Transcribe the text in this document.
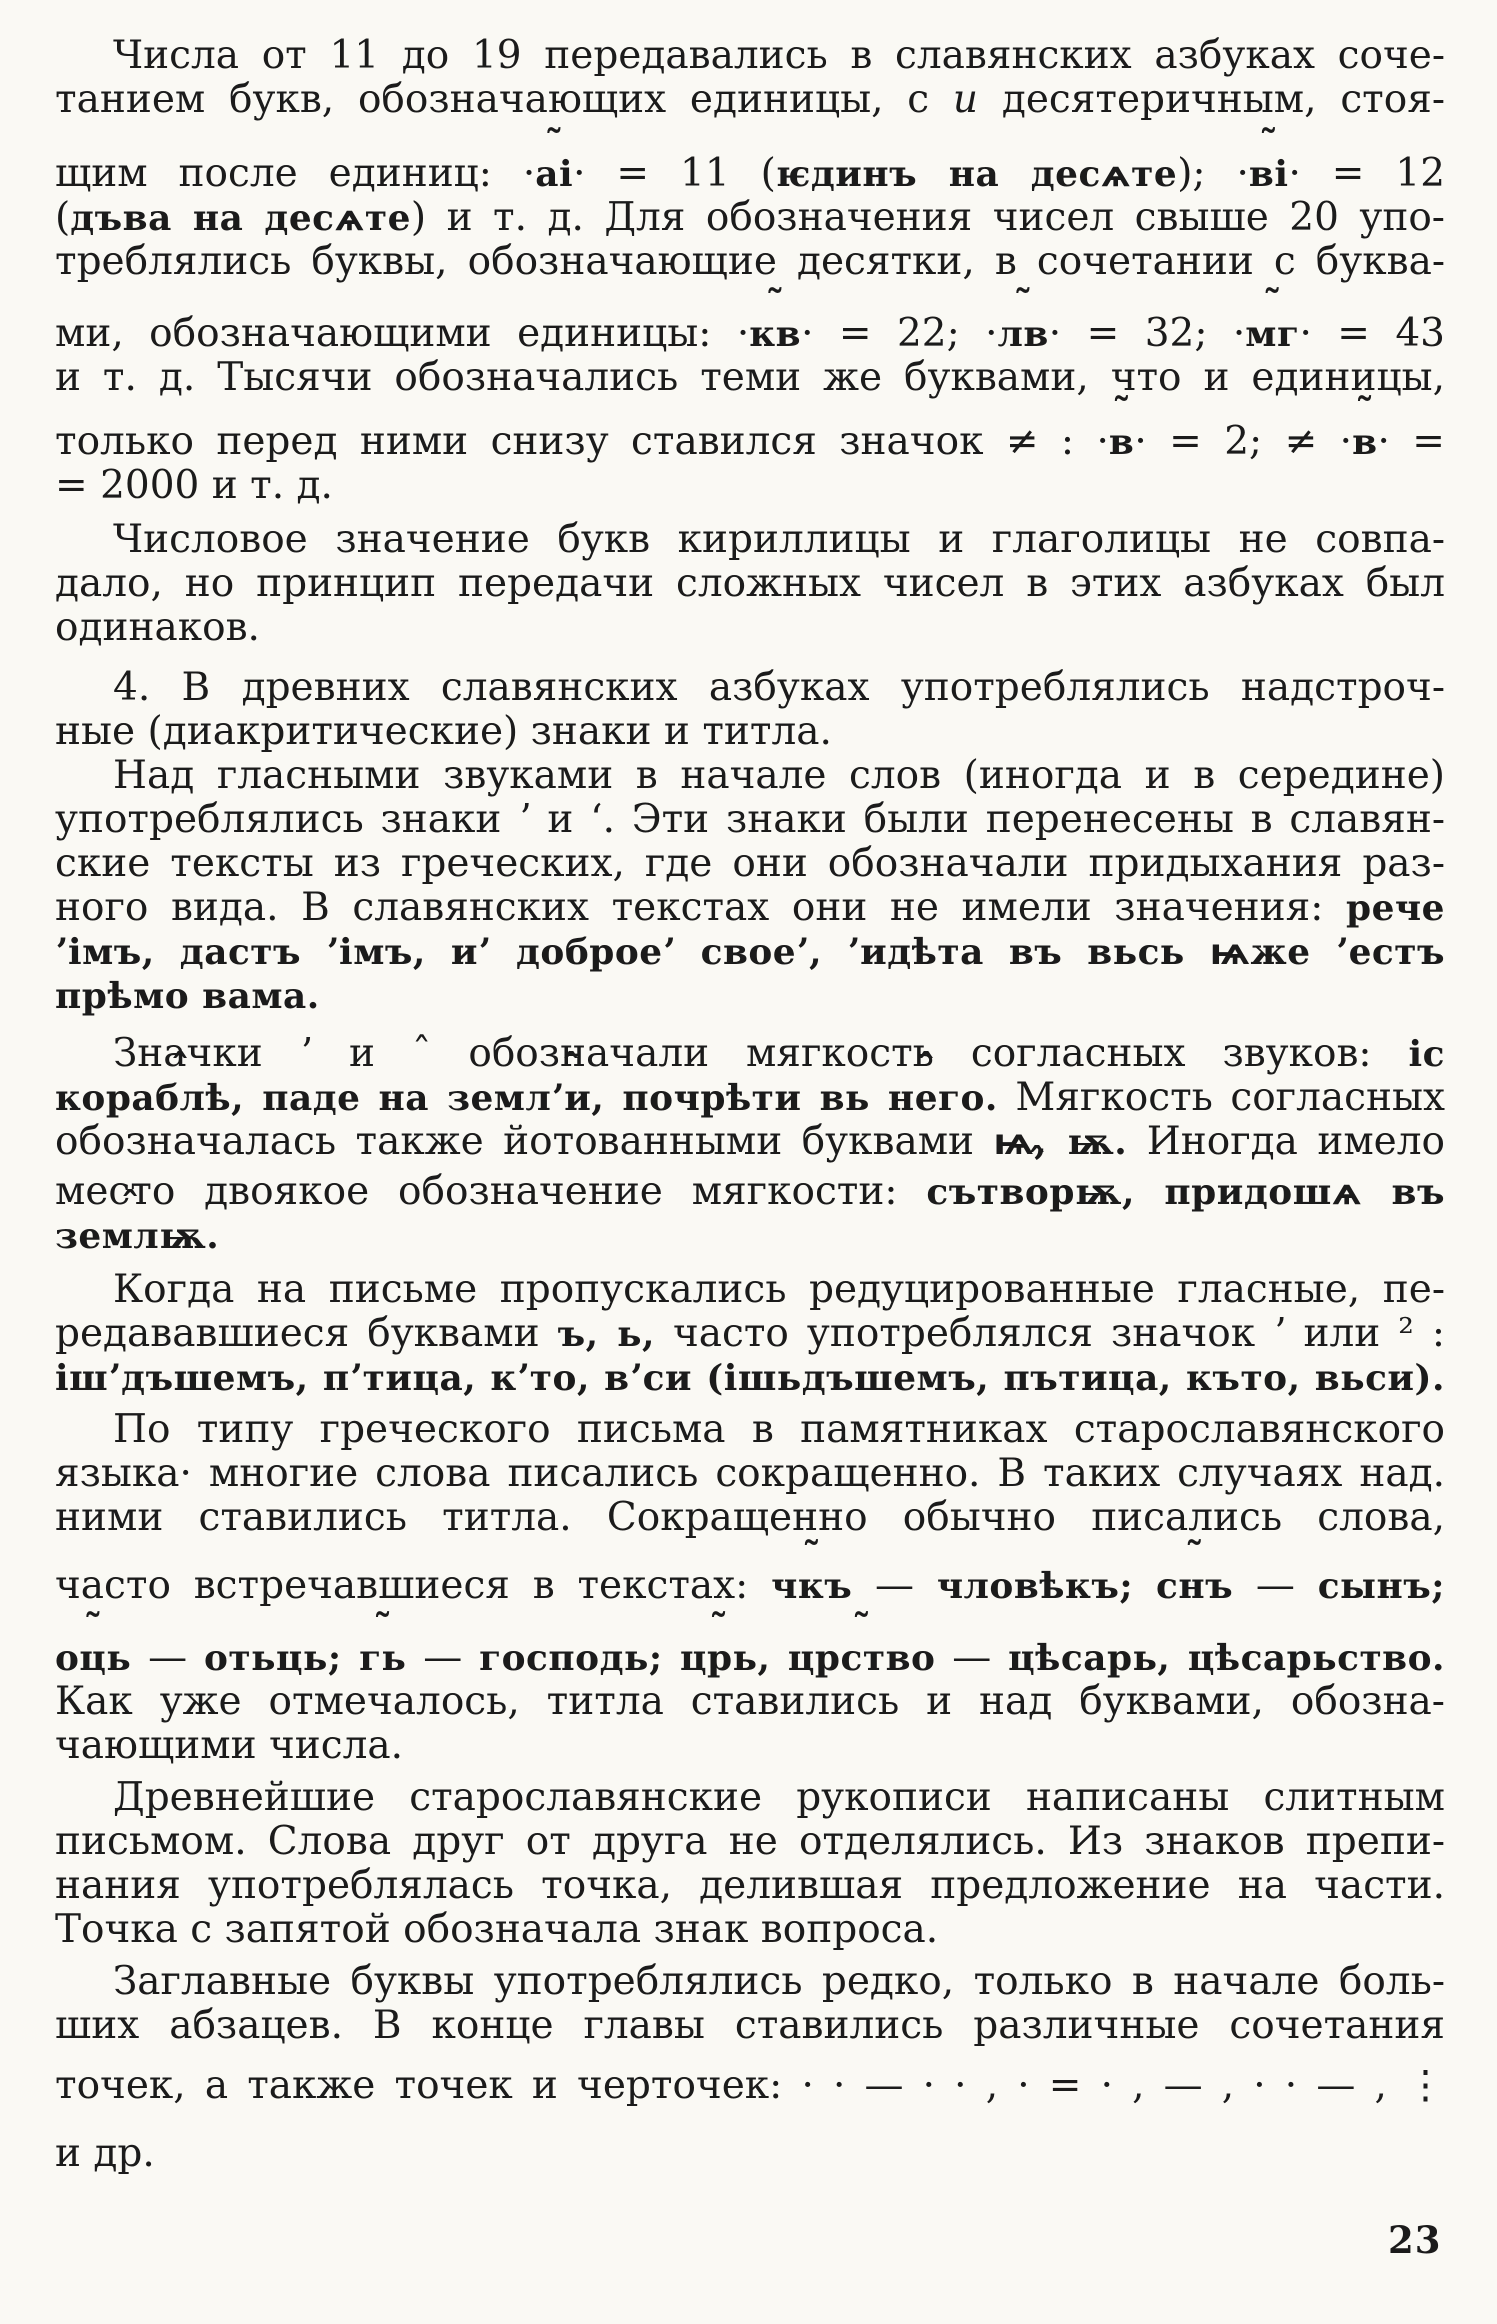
Числа от 11 до 19 передавались в славянских азбуках соче-
танием букв, обозначающих единицы, с и десятеричным, стоя-
щим после единиц: ·аі ˜· = 11 (ѥдинъ на десѧте); ·ві ˜· = 12
(дъва на десѧте) и т. д. Для обозначения чисел свыше 20 упо-
треблялись буквы, обозначающие десятки, в сочетании с буква-
ми, обозначающими единицы: ·кв ˜· = 22; ·лв ˜· = 32; ·мг ˜· = 43
и т. д. Тысячи обозначались теми же буквами, что и единицы,
только перед ними снизу ставился значок ≠ : ·в ˜· = 2; ≠ ·в ˜· =
= 2000 и т. д.
Числовое значение букв кириллицы и глаголицы не совпа-
дало, но принцип передачи сложных чисел в этих азбуках был
одинаков.
4. В древних славянских азбуках употреблялись надстроч-
ные (диакритические) знаки и титла.
Над гласными звуками в начале слов (иногда и в середине)
употреблялись знаки ʼ и ʻ. Эти знаки были перенесены в славян-
ские тексты из греческих, где они обозначали придыхания раз-
ного вида. В славянских текстах они не имели значения: рече
ʼімъ, дастъ ʼімъ, иʼ доброеʼ своеʼ, ʼидѣта въ вьсь ѩже ʼестъ
прѣмо вама.
Значки ʼ и ˆ обозначали мягкость согласных звуков: іс
корабл ˆѣ, паде на землʼи ˆ, почрѣти вь не ˆго. Мягкость согласных
обозначалась также йотованными буквами ѩ, ѭ. Иногда имело
место двоякое обозначение мягкости: сътво ˆрѭ, придошѧ въ
земл ˆѭ.
Когда на письме пропускались редуцированные гласные, пе-
редававшиеся буквами ъ, ь, часто употреблялся значок ʼ или ² :
ішʼдъшемъ, пʼтица, кʼто, вʼси (ішьдъшемъ, пътица, къто, вьси).
По типу греческого письма в памятниках старославянского
языка· многие слова писались сокращенно. В таких случаях над.
ними ставились титла. Сокращенно обычно писались слова,
часто встречавшиеся в текстах: чкъ ˜ — чловѣкъ; снъ ˜ — сынъ;
оць ˜ — отьць; гь ˜ — господь; црь ˜, црство ˜ — цѣсарь, цѣсарьство.
Как уже отмечалось, титла ставились и над буквами, обозна-
чающими числа.
Древнейшие старославянские рукописи написаны слитным
письмом. Слова друг от друга не отделялись. Из знаков препи-
нания употреблялась точка, делившая предложение на части.
Точка с запятой обозначала знак вопроса.
Заглавные буквы употреблялись редко, только в начале боль-
ших абзацев. В конце главы ставились различные сочетания
точек, а также точек и черточек: · · — · · , · = · , — , · · — , ⋮
и др.
23
